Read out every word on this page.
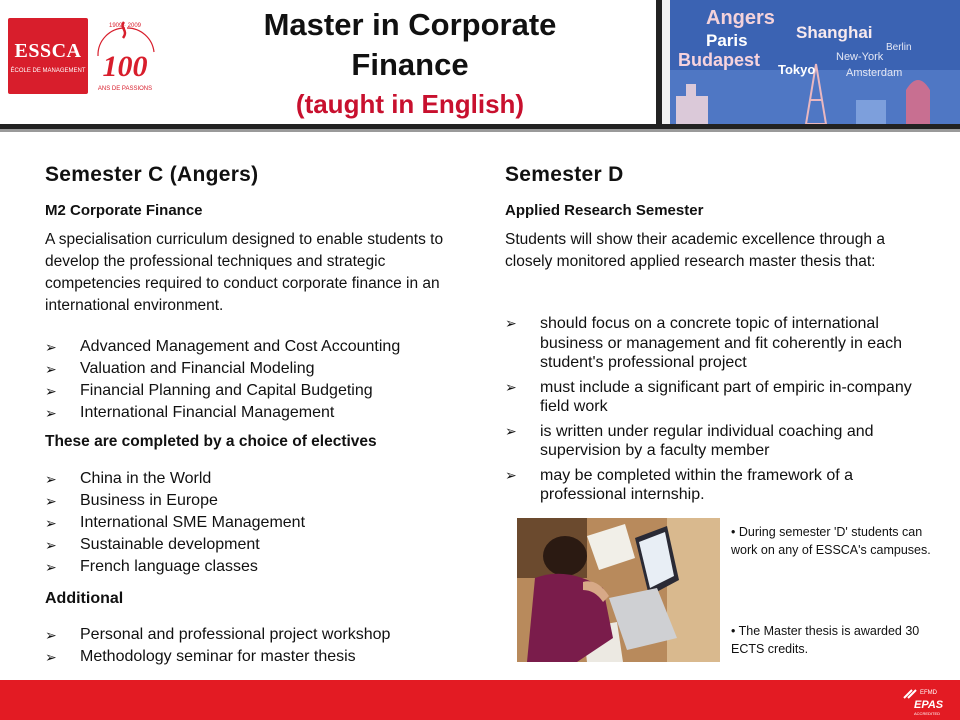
ESSCA
ÉCOLE DE MANAGEMENT
1909 · 2009
100
ANS DE PASSIONS
Master in Corporate
Finance
(taught in English)
Angers
Paris	Shanghai
Budapest Tokyo
New-York
Berlin
Amsterdam
Semester C (Angers)
M2 Corporate Finance
A specialisation curriculum designed to enable students to develop the professional techniques and strategic competencies required to conduct corporate finance in an international environment.
➢ Advanced Management and Cost Accounting
➢ Valuation and Financial Modeling
➢ Financial Planning and Capital Budgeting
➢ International Financial Management
These are completed by a choice of electives
➢ China in the World
➢ Business in Europe
➢ International SME Management
➢ Sustainable development
➢ French language classes
Additional
➢ Personal and professional project workshop
➢ Methodology seminar for master thesis
Semester D
Applied Research Semester
Students will show their academic excellence through a closely monitored applied research master thesis that:
➢ should focus on a concrete topic of international business or management and fit coherently in each student's professional project
➢ must include a significant part of empiric in-company field work
➢ is written under regular individual coaching and supervision by a faculty member
➢ may be completed within the framework of a professional internship.
• During semester 'D' students can work on any of ESSCA's campuses.
• The Master thesis is awarded 30 ECTS credits.
EFMD
EPAS
ACCREDITED
